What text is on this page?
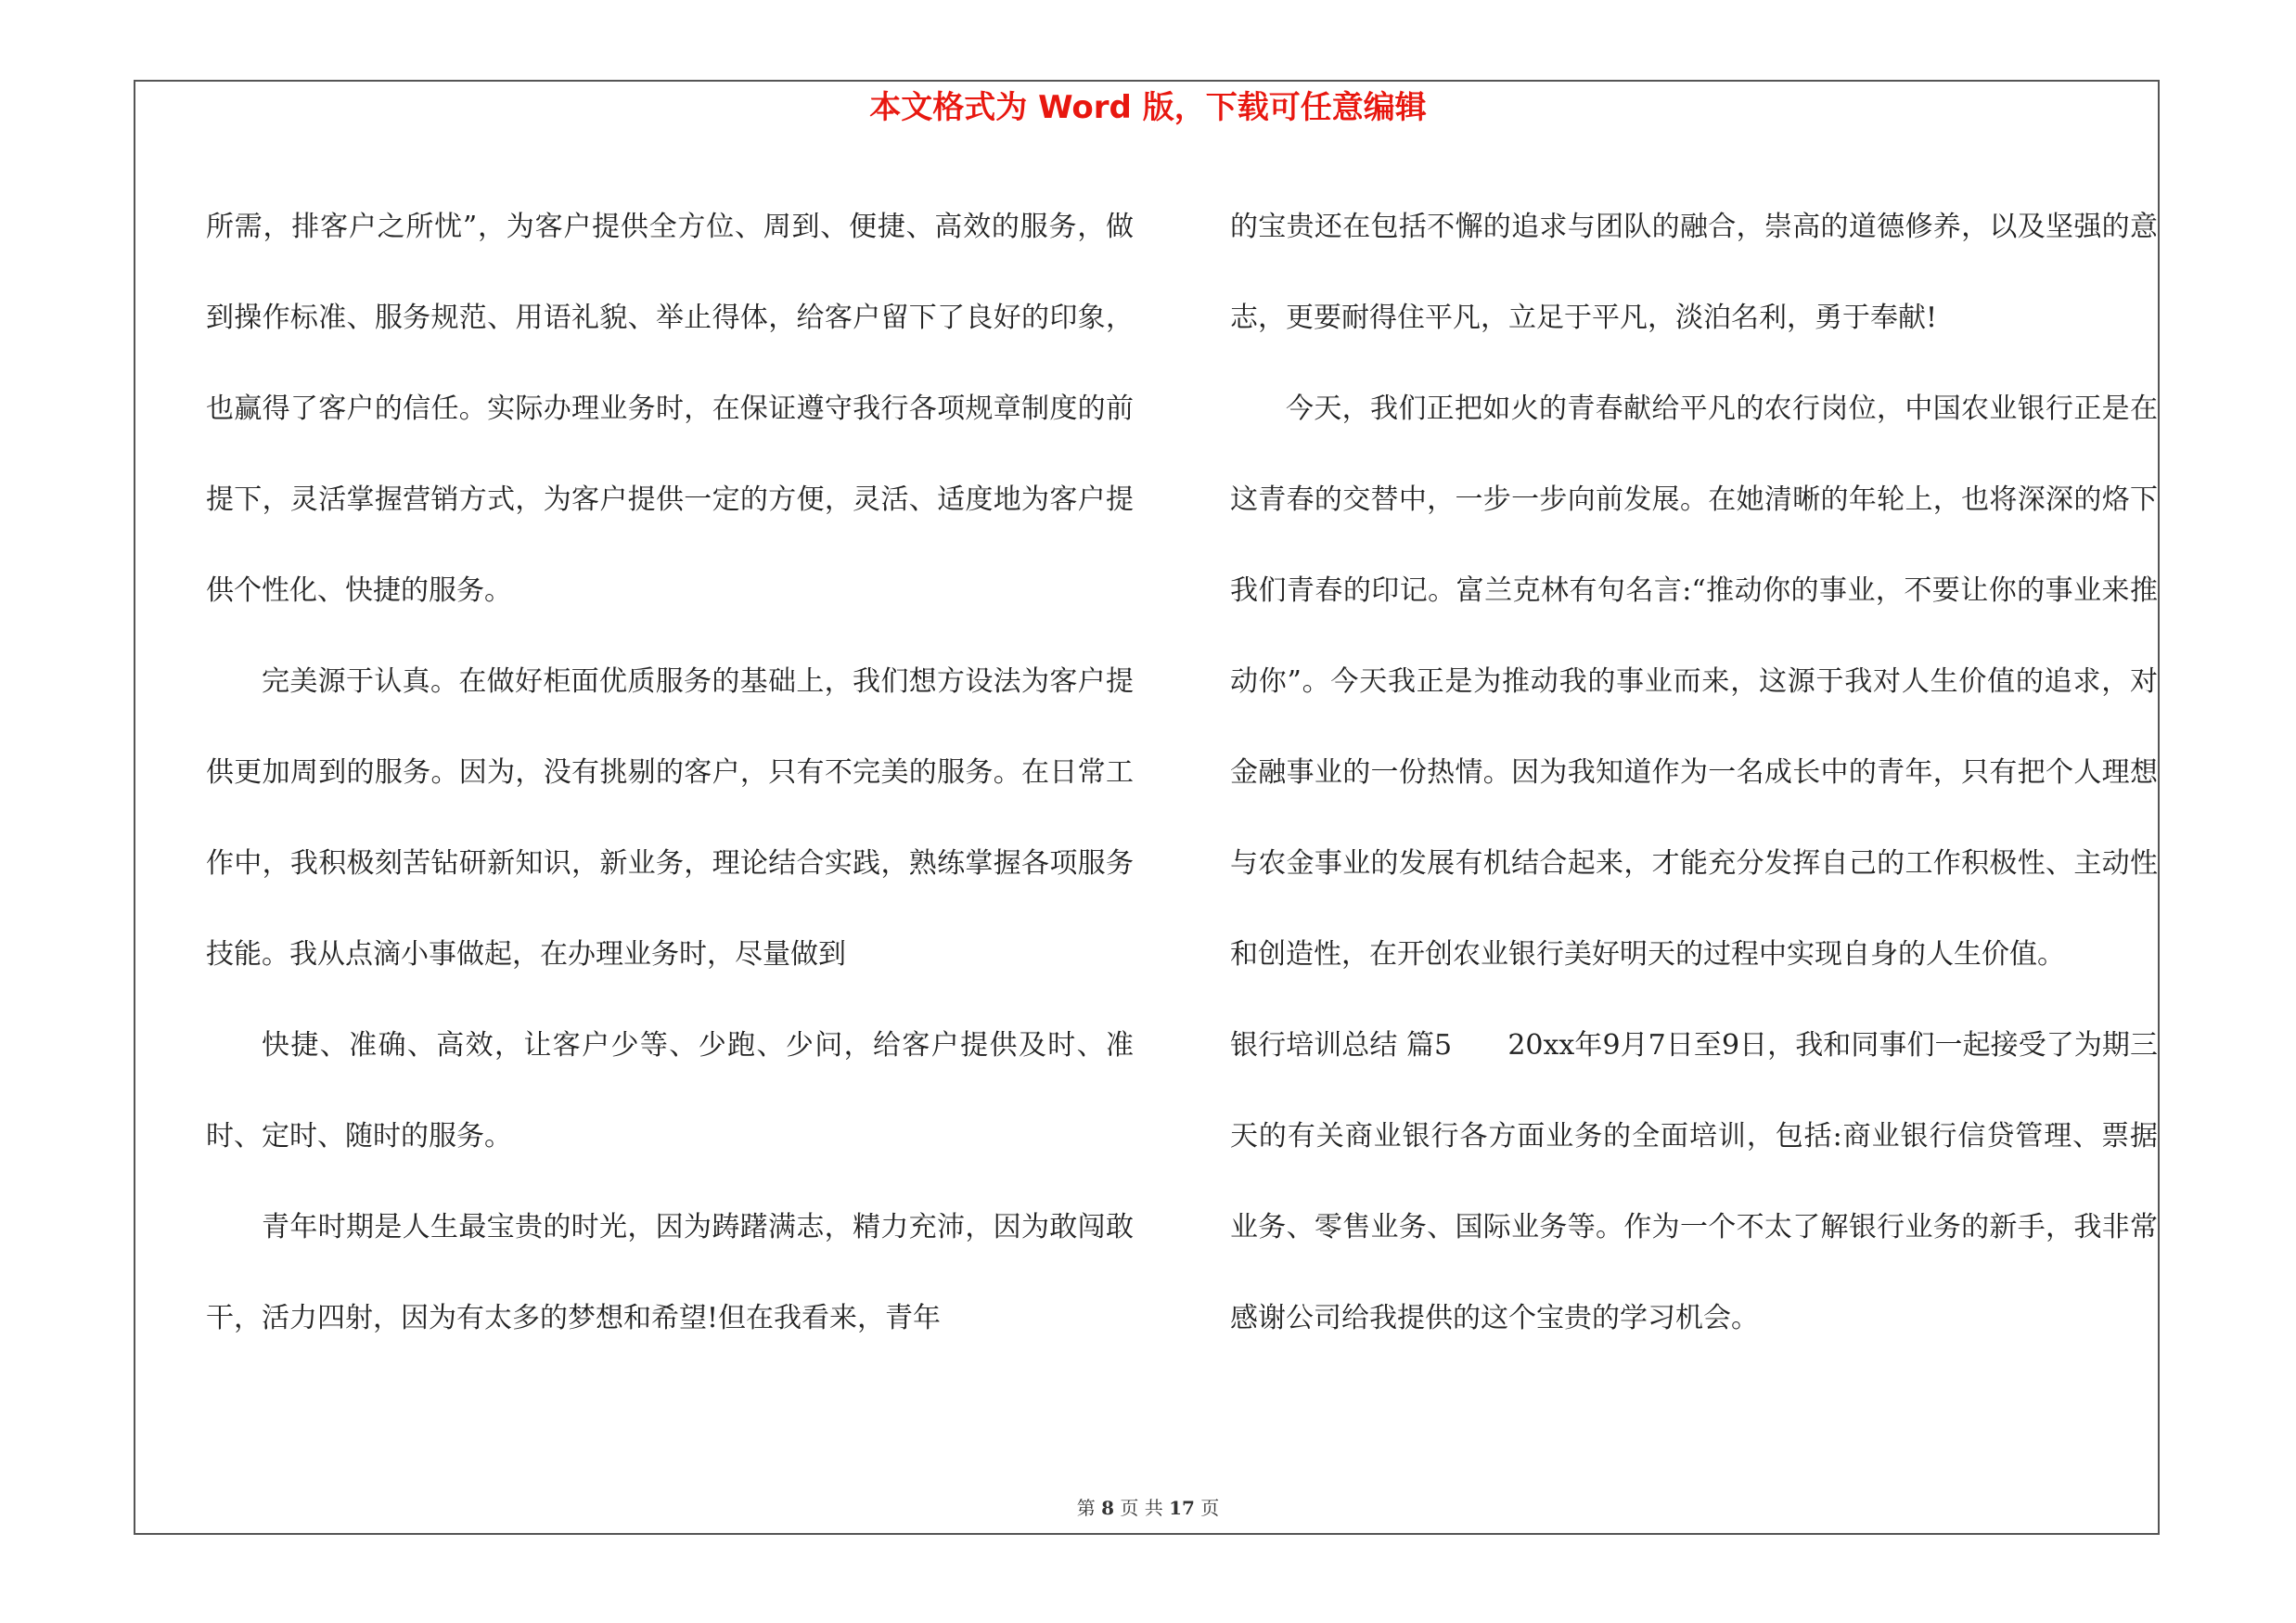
本文格式为 Word 版，下载可任意编辑

所需，排客户之所忧”，为客户提供全方位、周到、便捷、高效的服务，做到操作标准、服务规范、用语礼貌、举止得体，给客户留下了良好的印象，也赢得了客户的信任。实际办理业务时，在保证遵守我行各项规章制度的前提下，灵活掌握营销方式，为客户提供一定的方便，灵活、适度地为客户提供个性化、快捷的服务。

完美源于认真。在做好柜面优质服务的基础上，我们想方设法为客户提供更加周到的服务。因为，没有挑剔的客户，只有不完美的服务。在日常工作中，我积极刻苦钻研新知识，新业务，理论结合实践，熟练掌握各项服务技能。我从点滴小事做起，在办理业务时，尽量做到

快捷、准确、高效，让客户少等、少跑、少问，给客户提供及时、准时、定时、随时的服务。

青年时期是人生最宝贵的时光，因为踌躇满志，精力充沛，因为敢闯敢干，活力四射，因为有太多的梦想和希望!但在我看来，青年

的宝贵还在包括不懈的追求与团队的融合，崇高的道德修养，以及坚强的意志，更要耐得住平凡，立足于平凡，淡泊名利，勇于奉献!

今天，我们正把如火的青春献给平凡的农行岗位，中国农业银行正是在这青春的交替中，一步一步向前发展。在她清晰的年轮上，也将深深的烙下我们青春的印记。富兰克林有句名言:“推动你的事业，不要让你的事业来推动你”。今天我正是为推动我的事业而来，这源于我对人生价值的追求，对金融事业的一份热情。因为我知道作为一名成长中的青年，只有把个人理想与农金事业的发展有机结合起来，才能充分发挥自己的工作积极性、主动性和创造性，在开创农业银行美好明天的过程中实现自身的人生价值。

银行培训总结 篇5　　20xx年9月7日至9日，我和同事们一起接受了为期三天的有关商业银行各方面业务的全面培训，包括:商业银行信贷管理、票据业务、零售业务、国际业务等。作为一个不太了解银行业务的新手，我非常感谢公司给我提供的这个宝贵的学习机会。

第 8 页 共 17 页
